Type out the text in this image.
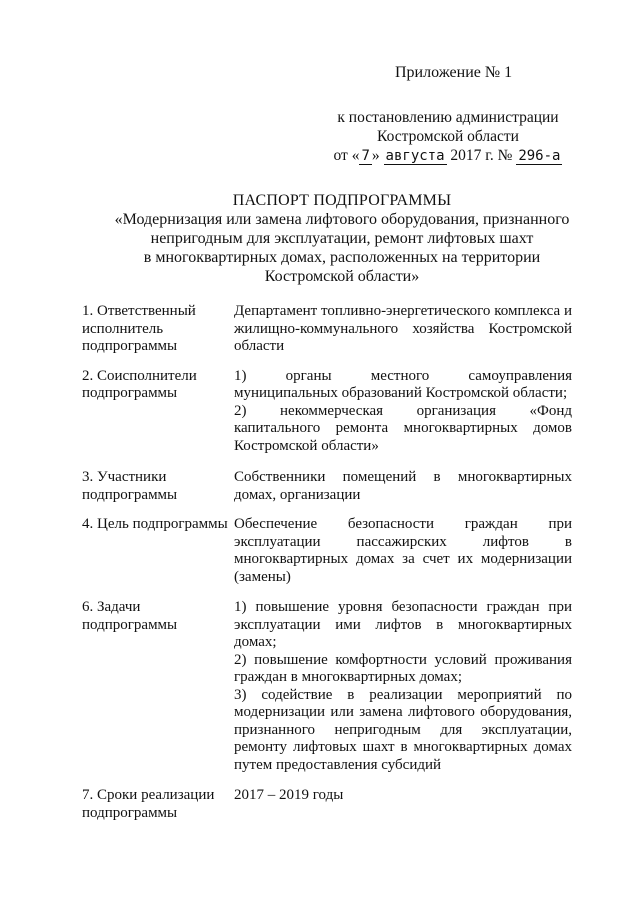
Приложение № 1
к постановлению администрации
Костромской области
от « 7 » августа 2017 г. № 296-а
ПАСПОРТ ПОДПРОГРАММЫ
«Модернизация или замена лифтового оборудования, признанного
непригодным для эксплуатации, ремонт лифтовых шахт
в многоквартирных домах, расположенных на территории
Костромской области»
1. Ответственный исполнитель подпрограммы

Департамент топливно-энергетического комплекса и жилищно-коммунального хозяйства Костромской области

2. Соисполнители подпрограммы

1) органы местного самоуправления муниципальных образований Костромской области;

2) некоммерческая организация «Фонд капитального ремонта многоквартирных домов Костромской области»

3. Участники подпрограммы

Собственники помещений в многоквартирных домах, организации

4. Цель подпрограммы Обеспечение безопасности граждан при эксплуатации пассажирских лифтов в многоквартирных домах за счет их модернизации (замены)

6. Задачи подпрограммы

1) повышение уровня безопасности граждан при эксплуатации ими лифтов в многоквартирных домах;

2) повышение комфортности условий проживания граждан в многоквартирных домах;

3) содействие в реализации мероприятий по модернизации или замена лифтового оборудования, признанного непригодным для эксплуатации, ремонту лифтовых шахт в многоквартирных домах путем предоставления субсидий

7. Сроки реализации подпрограммы

2017 – 2019 годы
